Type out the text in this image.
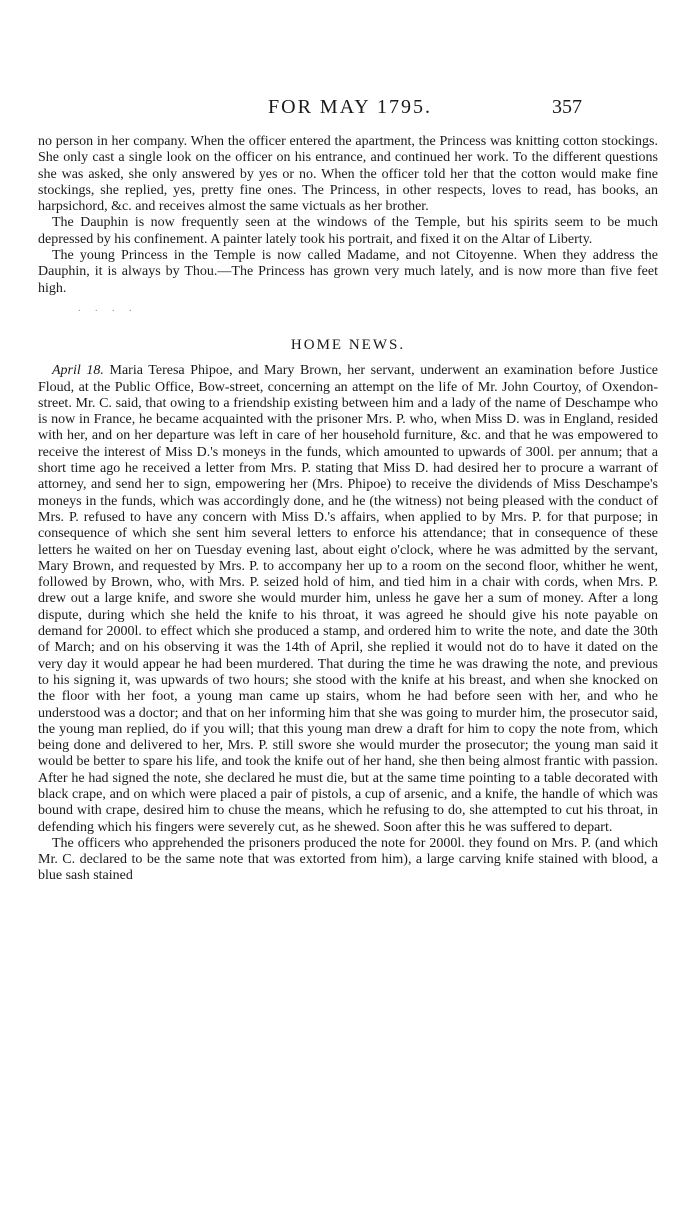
FOR MAY 1795.	357

no person in her company. When the officer entered the apartment, the Princess was knitting cotton stockings. She only cast a single look on the officer on his entrance, and continued her work. To the different questions she was asked, she only answered by yes or no. When the officer told her that the cotton would make fine stockings, she replied, yes, pretty fine ones. The Princess, in other respects, loves to read, has books, an harpsichord, &c. and receives almost the same victuals as her brother.

The Dauphin is now frequently seen at the windows of the Temple, but his spirits seem to be much depressed by his confinement. A painter lately took his portrait, and fixed it on the Altar of Liberty.

The young Princess in the Temple is now called Madame, and not Citoyenne. When they address the Dauphin, it is always by Thou.—The Princess has grown very much lately, and is now more than five feet high.

. . . .
HOME NEWS.

April 18. Maria Teresa Phipoe, and Mary Brown, her servant, underwent an examination before Justice Floud, at the Public Office, Bow-street, concerning an attempt on the life of Mr. John Courtoy, of Oxendon-street. Mr. C. said, that owing to a friendship existing between him and a lady of the name of Deschampe who is now in France, he became acquainted with the prisoner Mrs. P. who, when Miss D. was in England, resided with her, and on her departure was left in care of her household furniture, &c. and that he was empowered to receive the interest of Miss D.'s moneys in the funds, which amounted to upwards of 300l. per annum; that a short time ago he received a letter from Mrs. P. stating that Miss D. had desired her to procure a warrant of attorney, and send her to sign, empowering her (Mrs. Phipoe) to receive the dividends of Miss Deschampe's moneys in the funds, which was accordingly done, and he (the witness) not being pleased with the conduct of Mrs. P. refused to have any concern with Miss D.'s affairs, when applied to by Mrs. P. for that purpose; in consequence of which she sent him several letters to enforce his attendance; that in consequence of these letters he waited on her on Tuesday evening last, about eight o'clock, where he was admitted by the servant, Mary Brown, and requested by Mrs. P. to accompany her up to a room on the second floor, whither he went, followed by Brown, who, with Mrs. P. seized hold of him, and tied him in a chair with cords, when Mrs. P. drew out a large knife, and swore she would murder him, unless he gave her a sum of money. After a long dispute, during which she held the knife to his throat, it was agreed he should give his note payable on demand for 2000l. to effect which she produced a stamp, and ordered him to write the note, and date the 30th of March; and on his observing it was the 14th of April, she replied it would not do to have it dated on the very day it would appear he had been murdered. That during the time he was drawing the note, and previous to his signing it, was upwards of two hours; she stood with the knife at his breast, and when she knocked on the floor with her foot, a young man came up stairs, whom he had before seen with her, and who he understood was a doctor; and that on her informing him that she was going to murder him, the prosecutor said, the young man replied, do if you will; that this young man drew a draft for him to copy the note from, which being done and delivered to her, Mrs. P. still swore she would murder the prosecutor; the young man said it would be better to spare his life, and took the knife out of her hand, she then being almost frantic with passion. After he had signed the note, she declared he must die, but at the same time pointing to a table decorated with black crape, and on which were placed a pair of pistols, a cup of arsenic, and a knife, the handle of which was bound with crape, desired him to chuse the means, which he refusing to do, she attempted to cut his throat, in defending which his fingers were severely cut, as he shewed. Soon after this he was suffered to depart.

The officers who apprehended the prisoners produced the note for 2000l. they found on Mrs. P. (and which Mr. C. declared to be the same note that was extorted from him), a large carving knife stained with blood, a blue sash stained
